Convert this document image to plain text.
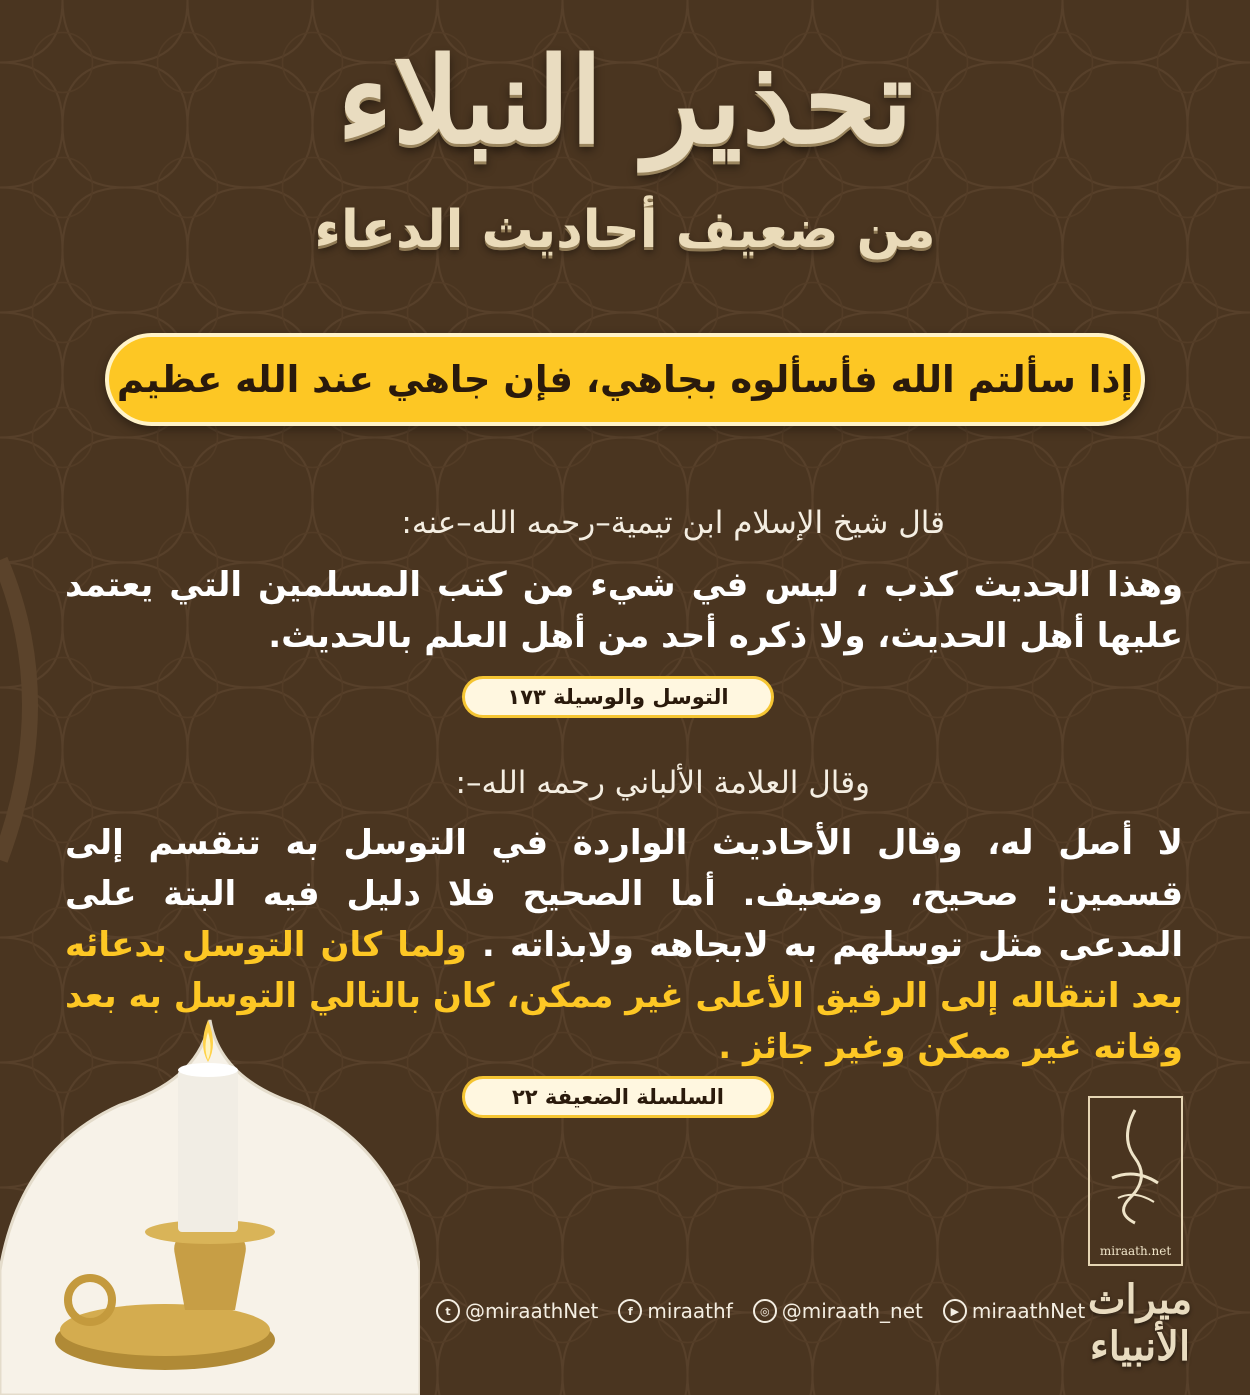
تحذير النبلاء
من ضعيف أحاديث الدعاء
إذا سألتم الله فأسألوه بجاهي، فإن جاهي عند الله عظيم
قال شيخ الإسلام ابن تيمية–رحمه الله–عنه:
وهذا الحديث كذب ، ليس في شيء من كتب المسلمين التي يعتمد عليها أهل الحديث، ولا ذكره أحد من أهل العلم بالحديث.
التوسل والوسيلة ١٧٣
وقال العلامة الألباني رحمه الله–:
لا أصل له، وقال الأحاديث الواردة في التوسل به تنقسم إلى قسمين: صحيح، وضعيف. أما الصحيح فلا دليل فيه البتة على المدعى مثل توسلهم به لابجاهه ولابذاته . ولما كان التوسل بدعائه بعد انتقاله إلى الرفيق الأعلى غير ممكن، كان بالتالي التوسل به بعد وفاته غير ممكن وغير جائز .
السلسلة الضعيفة ٢٢
miraath.net
ميراث الأنبياء
t @miraathNet	f miraathf	◎ @miraath_net	▶ miraathNet
